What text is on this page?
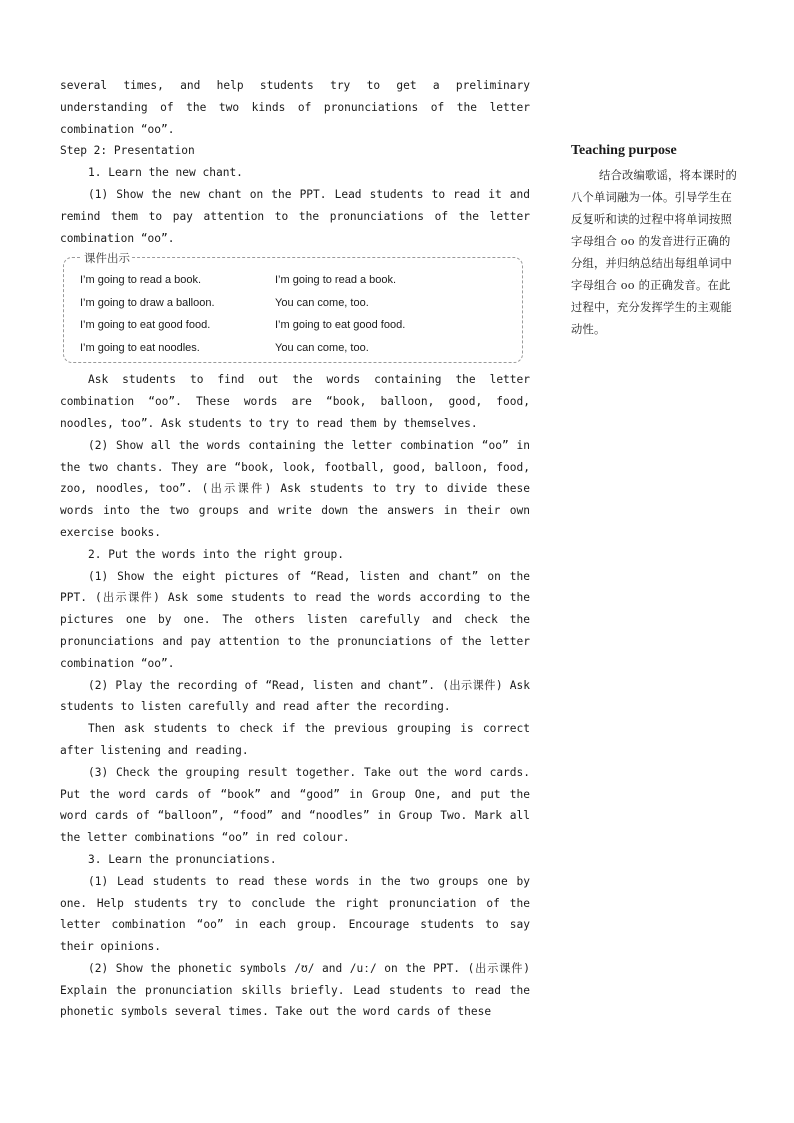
several times, and help students try to get a preliminary understanding of the two kinds of pronunciations of the letter combination “oo”.

Step 2: Presentation

1. Learn the new chant.

(1) Show the new chant on the PPT. Lead students to read it and remind them to pay attention to the pronunciations of the letter combination “oo”.

课件出示
I’m going to read a book.	I’m going to read a book.
I’m going to draw a balloon.	You can come, too.
I’m going to eat good food.	I’m going to eat good food.
I’m going to eat noodles.	You can come, too.

Ask students to find out the words containing the letter combination “oo”. These words are “book, balloon, good, food, noodles, too”. Ask students to try to read them by themselves.

(2) Show all the words containing the letter combination “oo” in the two chants. They are “book, look, football, good, balloon, food, zoo, noodles, too”. (出示课件) Ask students to try to divide these words into the two groups and write down the answers in their own exercise books.

2. Put the words into the right group.

(1) Show the eight pictures of “Read, listen and chant” on the PPT. (出示课件) Ask some students to read the words according to the pictures one by one. The others listen carefully and check the pronunciations and pay attention to the pronunciations of the letter combination “oo”.

(2) Play the recording of “Read, listen and chant”. (出示课件) Ask students to listen carefully and read after the recording.

Then ask students to check if the previous grouping is correct after listening and reading.

(3) Check the grouping result together. Take out the word cards. Put the word cards of “book” and “good” in Group One, and put the word cards of “balloon”, “food” and “noodles” in Group Two. Mark all the letter combinations “oo” in red colour.

3. Learn the pronunciations.

(1) Lead students to read these words in the two groups one by one. Help students try to conclude the right pronunciation of the letter combination “oo” in each group. Encourage students to say their opinions.

(2) Show the phonetic symbols /ʊ/ and /uː/ on the PPT. (出示课件) Explain the pronunciation skills briefly. Lead students to read the phonetic symbols several times. Take out the word cards of these

Teaching purpose

结合改编歌谣，将本课时的八个单词融为一体。引导学生在反复听和读的过程中将单词按照字母组合 oo 的发音进行正确的分组，并归纳总结出每组单词中字母组合 oo 的正确发音。在此过程中，充分发挥学生的主观能动性。
